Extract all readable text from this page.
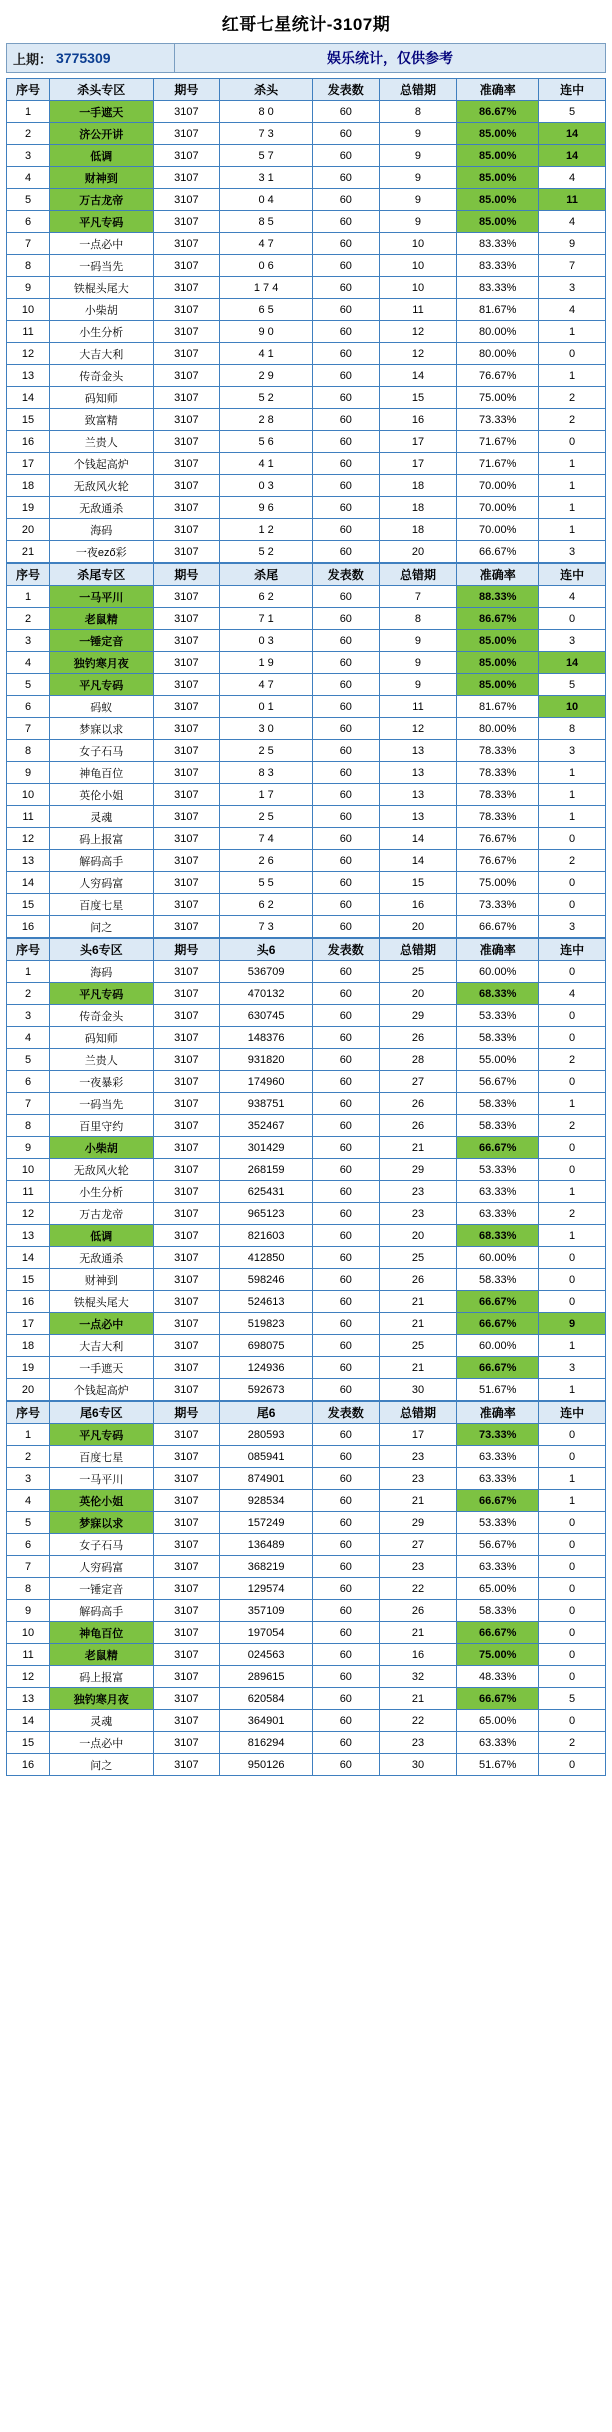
红哥七星统计-3107期
上期： 3775309	娱乐统计，仅供参考
序号	杀头专区	期号	杀头	发表数	总错期	准确率	连中
1	一手遮天	3107	8 0	60	8	86.67%	5
2	济公开讲	3107	7 3	60	9	85.00%	14
3	低调	3107	5 7	60	9	85.00%	14
4	财神到	3107	3 1	60	9	85.00%	4
5	万古龙帝	3107	0 4	60	9	85.00%	11
6	平凡专码	3107	8 5	60	9	85.00%	4
7	一点必中	3107	4 7	60	10	83.33%	9
8	一码当先	3107	0 6	60	10	83.33%	7
9	铁棍头尾大	3107	1 7 4	60	10	83.33%	3
10	小柴胡	3107	6 5	60	11	81.67%	4
11	小生分析	3107	9 0	60	12	80.00%	1
12	大吉大利	3107	4 1	60	12	80.00%	0
13	传奇金头	3107	2 9	60	14	76.67%	1
14	码知师	3107	5 2	60	15	75.00%	2
15	致富精	3107	2 8	60	16	73.33%	2
16	兰贵人	3107	5 6	60	17	71.67%	0
17	个钱起高炉	3107	4 1	60	17	71.67%	1
18	无敌风火轮	3107	0 3	60	18	70.00%	1
19	无敌通杀	3107	9 6	60	18	70.00%	1
20	海码	3107	1 2	60	18	70.00%	1
21	一夜ező彩	3107	5 2	60	20	66.67%	3
序号	杀尾专区	期号	杀尾	发表数	总错期	准确率	连中
1	一马平川	3107	6 2	60	7	88.33%	4
2	老鼠精	3107	7 1	60	8	86.67%	0
3	一锤定音	3107	0 3	60	9	85.00%	3
4	独钓寒月夜	3107	1 9	60	9	85.00%	14
5	平凡专码	3107	4 7	60	9	85.00%	5
6	码蚁	3107	0 1	60	11	81.67%	10
7	梦寐以求	3107	3 0	60	12	80.00%	8
8	女子石马	3107	2 5	60	13	78.33%	3
9	神龟百位	3107	8 3	60	13	78.33%	1
10	英伦小姐	3107	1 7	60	13	78.33%	1
11	灵魂	3107	2 5	60	13	78.33%	1
12	码上报富	3107	7 4	60	14	76.67%	0
13	解码高手	3107	2 6	60	14	76.67%	2
14	人穷码富	3107	5 5	60	15	75.00%	0
15	百度七星	3107	6 2	60	16	73.33%	0
16	问之	3107	7 3	60	20	66.67%	3
序号	头6专区	期号	头6	发表数	总错期	准确率	连中
1	海码	3107	536709	60	25	60.00%	0
2	平凡专码	3107	470132	60	20	68.33%	4
3	传奇金头	3107	630745	60	29	53.33%	0
4	码知师	3107	148376	60	26	58.33%	0
5	兰贵人	3107	931820	60	28	55.00%	2
6	一夜暴彩	3107	174960	60	27	56.67%	0
7	一码当先	3107	938751	60	26	58.33%	1
8	百里守约	3107	352467	60	26	58.33%	2
9	小柴胡	3107	301429	60	21	66.67%	0
10	无敌风火轮	3107	268159	60	29	53.33%	0
11	小生分析	3107	625431	60	23	63.33%	1
12	万古龙帝	3107	965123	60	23	63.33%	2
13	低调	3107	821603	60	20	68.33%	1
14	无敌通杀	3107	412850	60	25	60.00%	0
15	财神到	3107	598246	60	26	58.33%	0
16	铁棍头尾大	3107	524613	60	21	66.67%	0
17	一点必中	3107	519823	60	21	66.67%	9
18	大吉大利	3107	698075	60	25	60.00%	1
19	一手遮天	3107	124936	60	21	66.67%	3
20	个钱起高炉	3107	592673	60	30	51.67%	1
序号	尾6专区	期号	尾6	发表数	总错期	准确率	连中
1	平凡专码	3107	280593	60	17	73.33%	0
2	百度七星	3107	085941	60	23	63.33%	0
3	一马平川	3107	874901	60	23	63.33%	1
4	英伦小姐	3107	928534	60	21	66.67%	1
5	梦寐以求	3107	157249	60	29	53.33%	0
6	女子石马	3107	136489	60	27	56.67%	0
7	人穷码富	3107	368219	60	23	63.33%	0
8	一锤定音	3107	129574	60	22	65.00%	0
9	解码高手	3107	357109	60	26	58.33%	0
10	神龟百位	3107	197054	60	21	66.67%	0
11	老鼠精	3107	024563	60	16	75.00%	0
12	码上报富	3107	289615	60	32	48.33%	0
13	独钓寒月夜	3107	620584	60	21	66.67%	5
14	灵魂	3107	364901	60	22	65.00%	0
15	一点必中	3107	816294	60	23	63.33%	2
16	问之	3107	950126	60	30	51.67%	0
